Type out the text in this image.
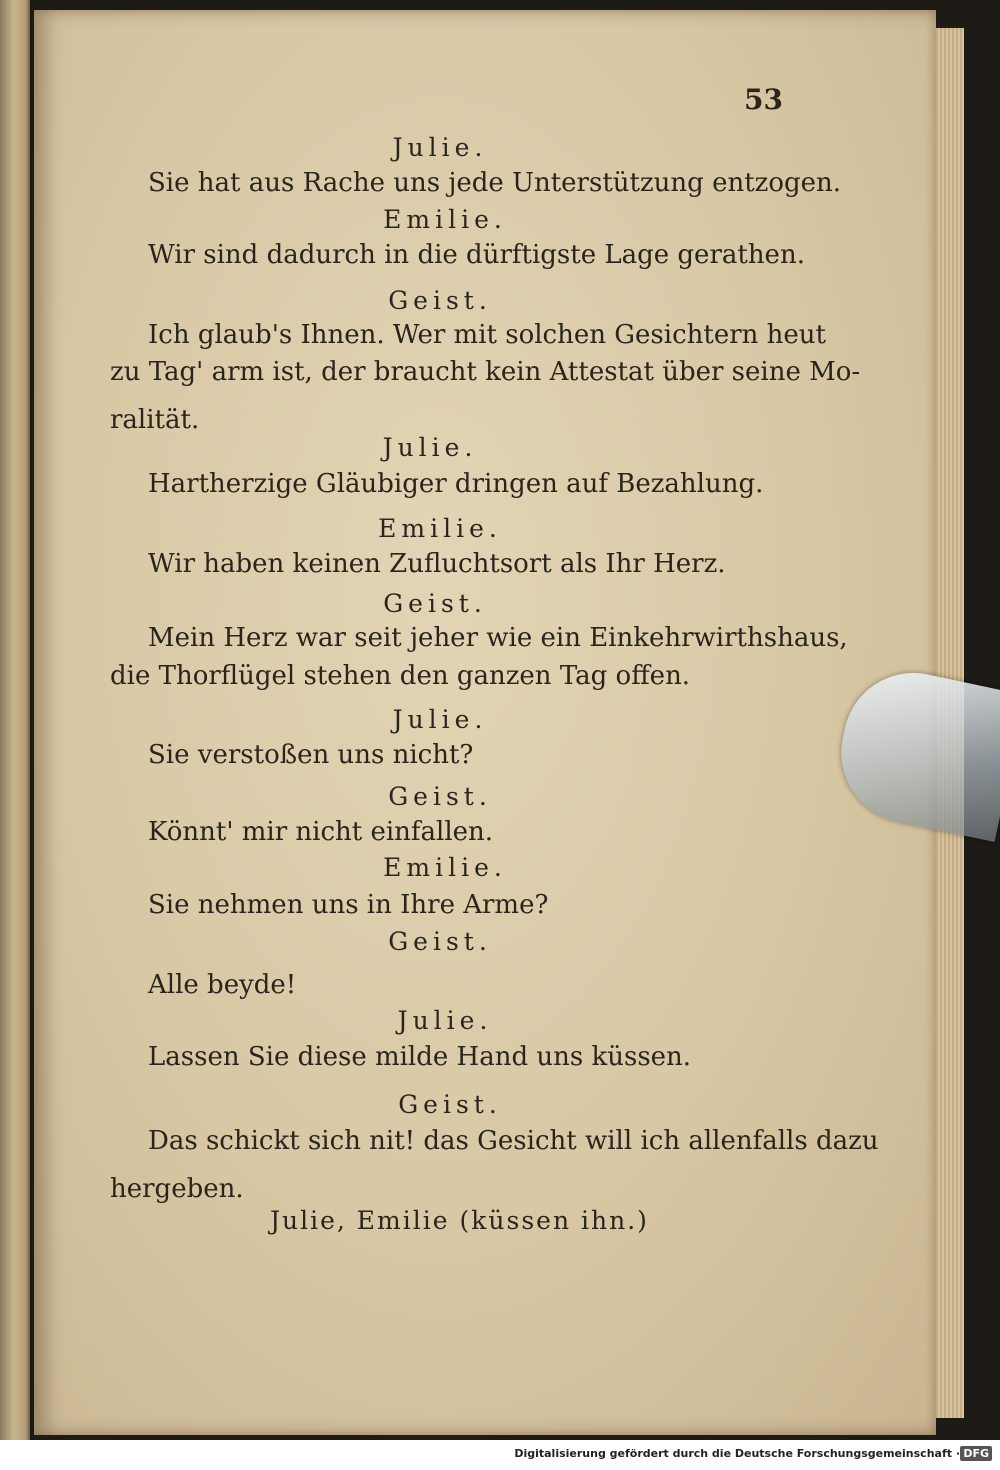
53

Julie.

Sie hat aus Rache uns jede Unterstützung entzogen.

Emilie.

Wir sind dadurch in die dürftigste Lage gerathen.

Geist.

Ich glaub's Ihnen. Wer mit solchen Gesichtern heut

zu Tag' arm ist, der braucht kein Attestat über seine Mo-

ralität.

Julie.

Hartherzige Gläubiger dringen auf Bezahlung.

Emilie.

Wir haben keinen Zufluchtsort als Ihr Herz.

Geist.

Mein Herz war seit jeher wie ein Einkehrwirthshaus,

die Thorflügel stehen den ganzen Tag offen.

Julie.

Sie verstoßen uns nicht?

Geist.

Könnt' mir nicht einfallen.

Emilie.

Sie nehmen uns in Ihre Arme?

Geist.

Alle beyde!

Julie.

Lassen Sie diese milde Hand uns küssen.

Geist.

Das schickt sich nit! das Gesicht will ich allenfalls dazu

hergeben.

Julie, Emilie (küssen ihn.)

Digitalisierung gefördert durch die Deutsche Forschungsgemeinschaft · DFG
